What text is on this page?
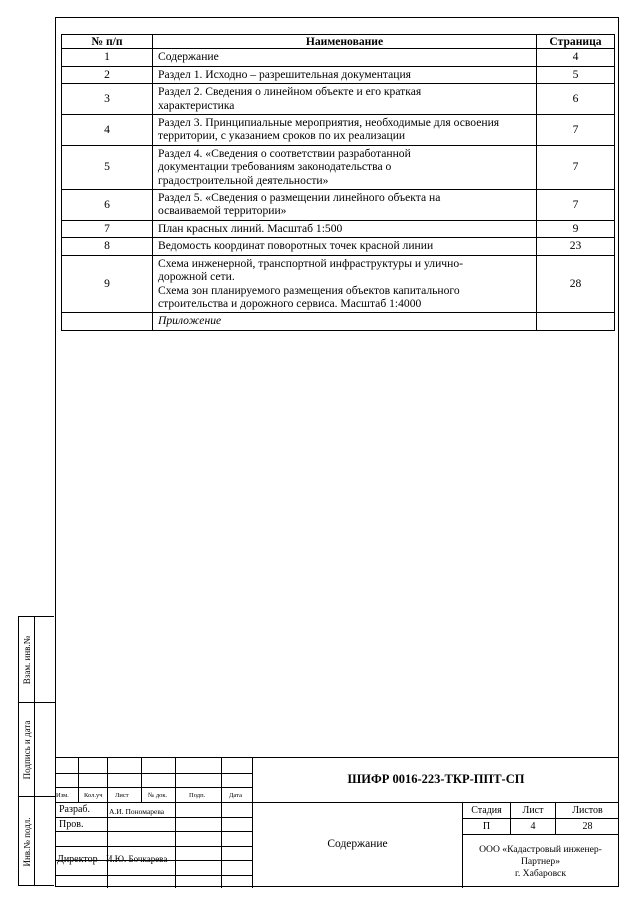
Взам. инв.№
Подпись и дата
Инв.№ подл.
№ п/п	Наименование	Страница
1	Содержание	4
2	Раздел 1. Исходно – разрешительная документация	5
3	Раздел 2. Сведения о линейном объекте и его краткая
характеристика	6
4	Раздел 3. Принципиальные мероприятия, необходимые для освоения
территории, с указанием сроков по их реализации	7
5	Раздел 4. «Сведения о соответствии разработанной
документации требованиям законодательства о
градостроительной деятельности»	7
6	Раздел 5. «Сведения о размещении линейного объекта на
осваиваемой территории»	7
7	План красных линий. Масштаб 1:500	9
8	Ведомость координат поворотных точек красной линии	23
9	Схема инженерной, транспортной инфраструктуры и улично-
дорожной сети.
Схема зон планируемого размещения объектов капитального
строительства и дорожного сервиса. Масштаб 1:4000	28
	Приложение	
Изм. Кол.уч Лист	№ док.	Подп.	Дата
Разраб.	А.И. Пономарева
Пров.
Директор И.Ю. Бочкарева
ШИФР 0016-223-ТКР-ППТ-СП
Содержание
Стадия	Лист	Листов
П	4	28
ООО «Кадастровый инженер-
Партнер»
г. Хабаровск
